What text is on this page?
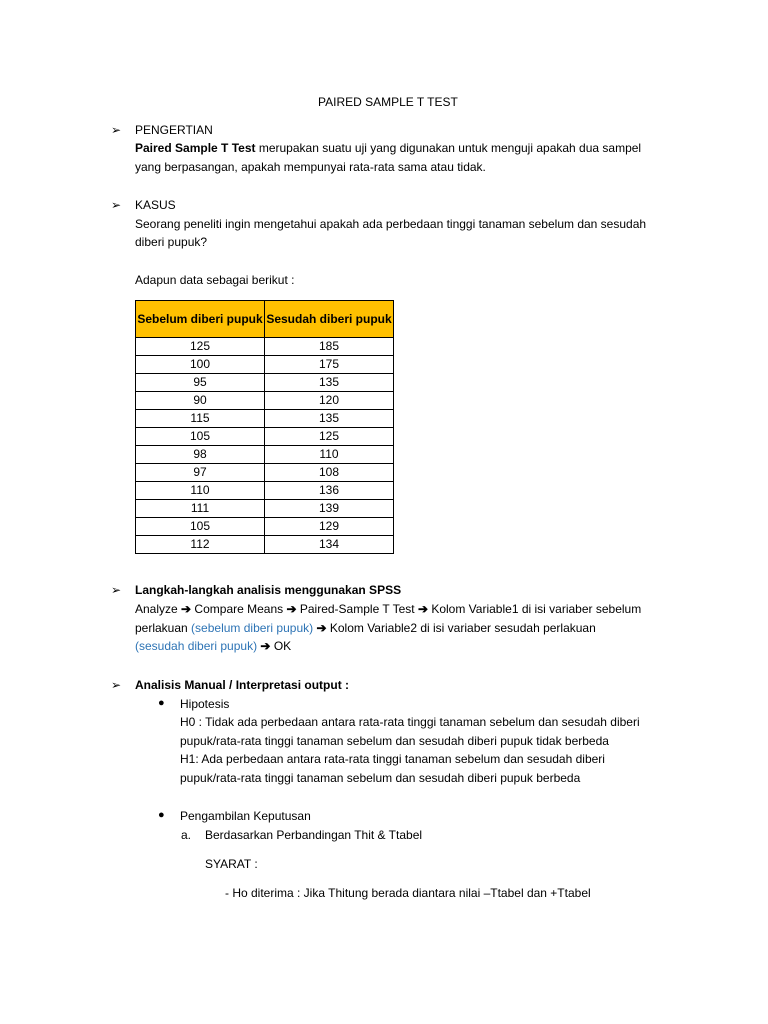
PAIRED SAMPLE T TEST
➢ PENGERTIAN
Paired Sample T Test merupakan suatu uji yang digunakan untuk menguji apakah dua sampel
yang berpasangan, apakah mempunyai rata-rata sama atau tidak.
➢ KASUS
Seorang peneliti ingin mengetahui apakah ada perbedaan tinggi tanaman sebelum dan sesudah
diberi pupuk?
Adapun data sebagai berikut :
Sebelum diberi pupuk	Sesudah diberi pupuk
125	185
100	175
95	135
90	120
115	135
105	125
98	110
97	108
110	136
111	139
105	129
112	134
➢ Langkah-langkah analisis menggunakan SPSS
Analyze ➔ Compare Means ➔ Paired-Sample T Test ➔ Kolom Variable1 di isi variaber sebelum
perlakuan (sebelum diberi pupuk) ➔ Kolom Variable2 di isi variaber sesudah perlakuan
(sesudah diberi pupuk) ➔ OK
➢ Analisis Manual / Interpretasi output :
● Hipotesis
H0 : Tidak ada perbedaan antara rata-rata tinggi tanaman sebelum dan sesudah diberi
pupuk/rata-rata tinggi tanaman sebelum dan sesudah diberi pupuk tidak berbeda
H1: Ada perbedaan antara rata-rata tinggi tanaman sebelum dan sesudah diberi
pupuk/rata-rata tinggi tanaman sebelum dan sesudah diberi pupuk berbeda
● Pengambilan Keputusan
a. Berdasarkan Perbandingan Thit & Ttabel
SYARAT :
- Ho diterima : Jika Thitung berada diantara nilai –Ttabel dan +Ttabel
